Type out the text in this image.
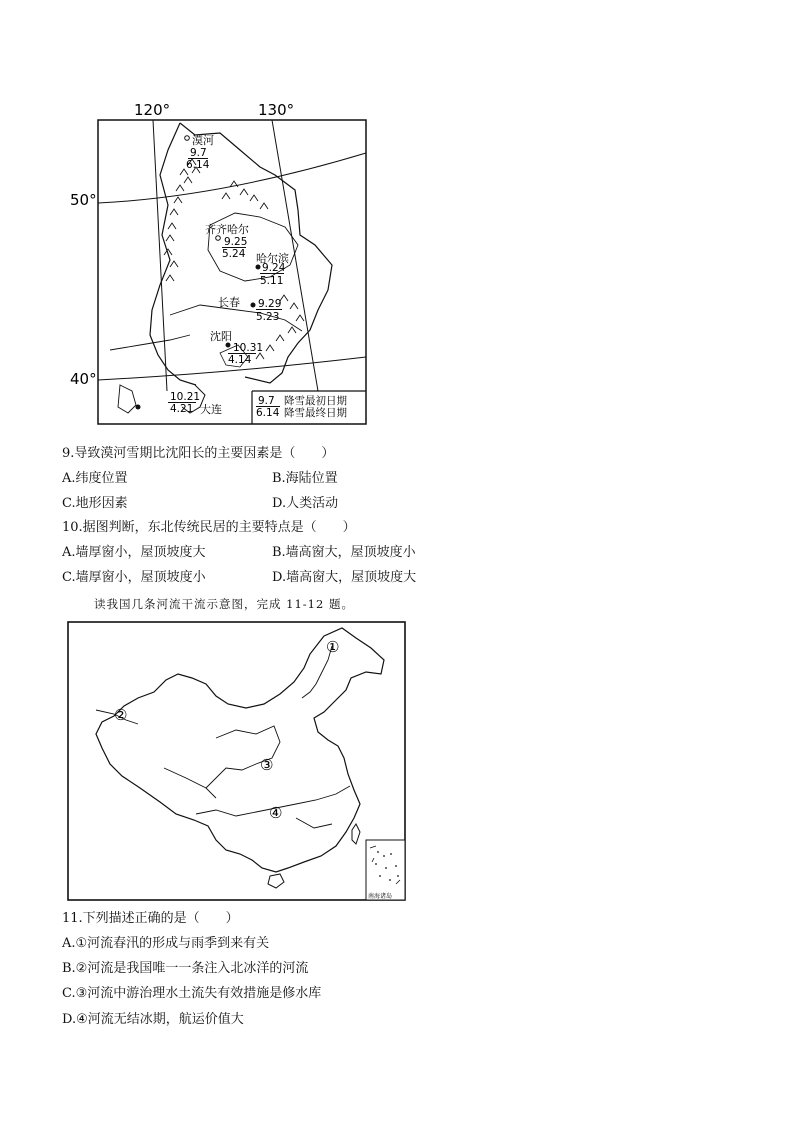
120°	130°
50°
40°
漠河
9.7
6.14
齐齐哈尔
9.25
5.24 哈尔滨
9.24
5.11
长春 9.29
5.23
沈阳
10.31
4.14
10.21
4.21 大连
9.7
6.14
降雪最初日期
降雪最终日期
9.导致漠河雪期比沈阳长的主要因素是（　　）
A.纬度位置	B.海陆位置
C.地形因素	D.人类活动
10.据图判断，东北传统民居的主要特点是（　　）
A.墙厚窗小，屋顶坡度大	B.墙高窗大，屋顶坡度小
C.墙厚窗小，屋顶坡度小	D.墙高窗大，屋顶坡度大
读我国几条河流干流示意图，完成 11-12 题。
南海诸岛
①
②
③
④
11.下列描述正确的是（　　）
A.①河流春汛的形成与雨季到来有关
B.②河流是我国唯一一条注入北冰洋的河流
C.③河流中游治理水土流失有效措施是修水库
D.④河流无结冰期，航运价值大
